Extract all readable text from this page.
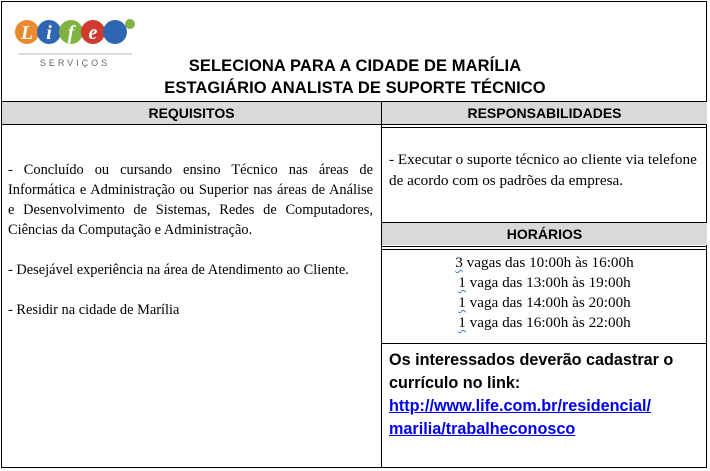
L i f e
SERVIÇOS	SELECIONA PARA A CIDADE DE MARÍLIA
ESTAGIÁRIO ANALISTA DE SUPORTE TÉCNICO
REQUISITOS	RESPONSABILIDADES

- Concluído ou cursando ensino Técnico nas áreas de Informática e Administração ou Superior nas áreas de Análise e Desenvolvimento de Sistemas, Redes de Computadores, Ciências da Computação e Administração.

- Desejável experiência na área de Atendimento ao Cliente.

- Residir na cidade de Marília

- Executar o suporte técnico ao cliente via telefone de acordo com os padrões da empresa.
HORÁRIOS
3 vagas das 10:00h às 16:00h
1 vaga das 13:00h às 19:00h
1 vaga das 14:00h às 20:00h
1 vaga das 16:00h às 22:00h
Os interessados deverão cadastrar o currículo no link:
http://www.life.com.br/residencial/
marilia/trabalheconosco
